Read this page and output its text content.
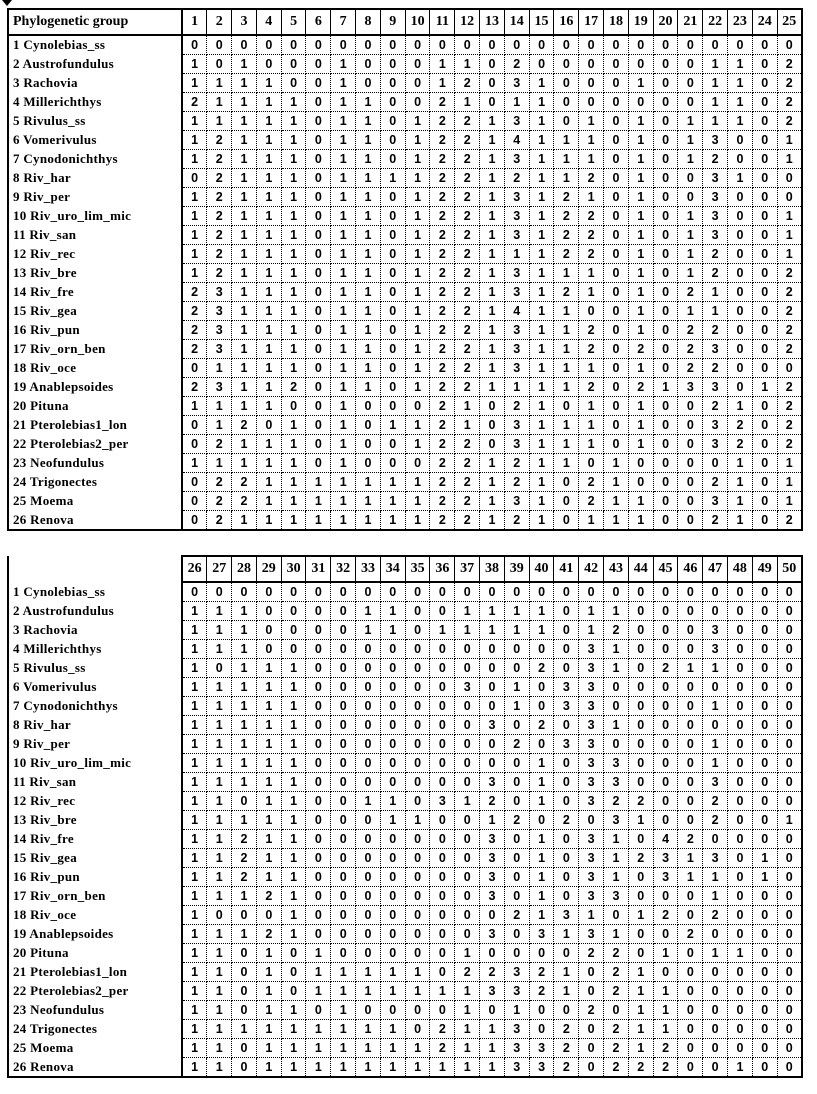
Phylogenetic group	1	2	3	4	5	6	7	8	9	10	11	12	13	14	15	16	17	18	19	20	21	22	23	24	25
1 Cynolebias_ss	0	0	0	0	0	0	0	0	0	0	0	0	0	0	0	0	0	0	0	0	0	0	0	0	0
2 Austrofundulus	1	0	1	0	0	0	1	0	0	0	1	1	0	2	0	0	0	0	0	0	0	1	1	0	2
3 Rachovia	1	1	1	1	0	0	1	0	0	0	1	2	0	3	1	0	0	0	1	0	0	1	1	0	2
4 Millerichthys	2	1	1	1	1	0	1	1	0	0	2	1	0	1	1	0	0	0	0	0	0	1	1	0	2
5 Rivulus_ss	1	1	1	1	1	0	1	1	0	1	2	2	1	3	1	0	1	0	1	0	1	1	1	0	2
6 Vomerivulus	1	2	1	1	1	0	1	1	0	1	2	2	1	4	1	1	1	0	1	0	1	3	0	0	1
7 Cynodonichthys	1	2	1	1	1	0	1	1	0	1	2	2	1	3	1	1	1	0	1	0	1	2	0	0	1
8 Riv_har	0	2	1	1	1	0	1	1	1	1	2	2	1	2	1	1	2	0	1	0	0	3	1	0	0
9 Riv_per	1	2	1	1	1	0	1	1	0	1	2	2	1	3	1	2	1	0	1	0	0	3	0	0	0
10 Riv_uro_lim_mic	1	2	1	1	1	0	1	1	0	1	2	2	1	3	1	2	2	0	1	0	1	3	0	0	1
11 Riv_san	1	2	1	1	1	0	1	1	0	1	2	2	1	3	1	2	2	0	1	0	1	3	0	0	1
12 Riv_rec	1	2	1	1	1	0	1	1	0	1	2	2	1	1	1	2	2	0	1	0	1	2	0	0	1
13 Riv_bre	1	2	1	1	1	0	1	1	0	1	2	2	1	3	1	1	1	0	1	0	1	2	0	0	2
14 Riv_fre	2	3	1	1	1	0	1	1	0	1	2	2	1	3	1	2	1	0	1	0	2	1	0	0	2
15 Riv_gea	2	3	1	1	1	0	1	1	0	1	2	2	1	4	1	1	0	0	1	0	1	1	0	0	2
16 Riv_pun	2	3	1	1	1	0	1	1	0	1	2	2	1	3	1	1	2	0	1	0	2	2	0	0	2
17 Riv_orn_ben	2	3	1	1	1	0	1	1	0	1	2	2	1	3	1	1	2	0	2	0	2	3	0	0	2
18 Riv_oce	0	1	1	1	1	0	1	1	0	1	2	2	1	3	1	1	1	0	1	0	2	2	0	0	0
19 Anablepsoides	2	3	1	1	2	0	1	1	0	1	2	2	1	1	1	1	2	0	2	1	3	3	0	1	2
20 Pituna	1	1	1	1	0	0	1	0	0	0	2	1	0	2	1	0	1	0	1	0	0	2	1	0	2
21 Pterolebias1_lon	0	1	2	0	1	0	1	0	1	1	2	1	0	3	1	1	1	0	1	0	0	3	2	0	2
22 Pterolebias2_per	0	2	1	1	1	0	1	0	0	1	2	2	0	3	1	1	1	0	1	0	0	3	2	0	2
23 Neofundulus	1	1	1	1	1	0	1	0	0	0	2	2	1	2	1	1	0	1	0	0	0	0	1	0	1
24 Trigonectes	0	2	2	1	1	1	1	1	1	1	2	2	1	2	1	0	2	1	0	0	0	2	1	0	1
25 Moema	0	2	2	1	1	1	1	1	1	1	2	2	1	3	1	0	2	1	1	0	0	3	1	0	1
26 Renova	0	2	1	1	1	1	1	1	1	1	2	2	1	2	1	0	1	1	1	0	0	2	1	0	2
	26	27	28	29	30	31	32	33	34	35	36	37	38	39	40	41	42	43	44	45	46	47	48	49	50
1 Cynolebias_ss	0	0	0	0	0	0	0	0	0	0	0	0	0	0	0	0	0	0	0	0	0	0	0	0	0
2 Austrofundulus	1	1	1	0	0	0	0	1	1	0	0	1	1	1	1	0	1	1	0	0	0	0	0	0	0
3 Rachovia	1	1	1	0	0	0	0	1	1	0	1	1	1	1	1	0	1	2	0	0	0	3	0	0	0
4 Millerichthys	1	1	1	0	0	0	0	0	0	0	0	0	0	0	0	0	3	1	0	0	0	3	0	0	0
5 Rivulus_ss	1	0	1	1	1	0	0	0	0	0	0	0	0	0	2	0	3	1	0	2	1	1	0	0	0
6 Vomerivulus	1	1	1	1	1	0	0	0	0	0	0	3	0	1	0	3	3	0	0	0	0	0	0	0	0
7 Cynodonichthys	1	1	1	1	1	0	0	0	0	0	0	0	0	1	0	3	3	0	0	0	0	1	0	0	0
8 Riv_har	1	1	1	1	1	0	0	0	0	0	0	0	3	0	2	0	3	1	0	0	0	0	0	0	0
9 Riv_per	1	1	1	1	1	0	0	0	0	0	0	0	0	2	0	3	3	0	0	0	0	1	0	0	0
10 Riv_uro_lim_mic	1	1	1	1	1	0	0	0	0	0	0	0	0	0	1	0	3	3	0	0	0	1	0	0	0
11 Riv_san	1	1	1	1	1	0	0	0	0	0	0	0	3	0	1	0	3	3	0	0	0	3	0	0	0
12 Riv_rec	1	1	0	1	1	0	0	1	1	0	3	1	2	0	1	0	3	2	2	0	0	2	0	0	0
13 Riv_bre	1	1	1	1	1	0	0	0	1	1	0	0	1	2	0	2	0	3	1	0	0	2	0	0	1
14 Riv_fre	1	1	2	1	1	0	0	0	0	0	0	0	3	0	1	0	3	1	0	4	2	0	0	0	0
15 Riv_gea	1	1	2	1	1	0	0	0	0	0	0	0	3	0	1	0	3	1	2	3	1	3	0	1	0
16 Riv_pun	1	1	2	1	1	0	0	0	0	0	0	0	3	0	1	0	3	1	0	3	1	1	0	1	0
17 Riv_orn_ben	1	1	1	2	1	0	0	0	0	0	0	0	3	0	1	0	3	3	0	0	0	1	0	0	0
18 Riv_oce	1	0	0	0	1	0	0	0	0	0	0	0	0	2	1	3	1	0	1	2	0	2	0	0	0
19 Anablepsoides	1	1	1	2	1	0	0	0	0	0	0	0	3	0	3	1	3	1	0	0	2	0	0	0	0
20 Pituna	1	1	0	1	0	1	0	0	0	0	0	1	0	0	0	0	2	2	0	1	0	1	1	0	0
21 Pterolebias1_lon	1	1	0	1	0	1	1	1	1	1	0	2	2	3	2	1	0	2	1	0	0	0	0	0	0
22 Pterolebias2_per	1	1	0	1	0	1	1	1	1	1	1	1	3	3	2	1	0	2	1	1	0	0	0	0	0
23 Neofundulus	1	1	0	1	1	0	1	0	0	0	0	1	0	1	0	0	2	0	1	1	0	0	0	0	0
24 Trigonectes	1	1	1	1	1	1	1	1	1	0	2	1	1	3	0	2	0	2	1	1	0	0	0	0	0
25 Moema	1	1	0	1	1	1	1	1	1	1	2	1	1	3	3	2	0	2	1	2	0	0	0	0	0
26 Renova	1	1	0	1	1	1	1	1	1	1	1	1	1	3	3	2	0	2	2	2	0	0	1	0	0
